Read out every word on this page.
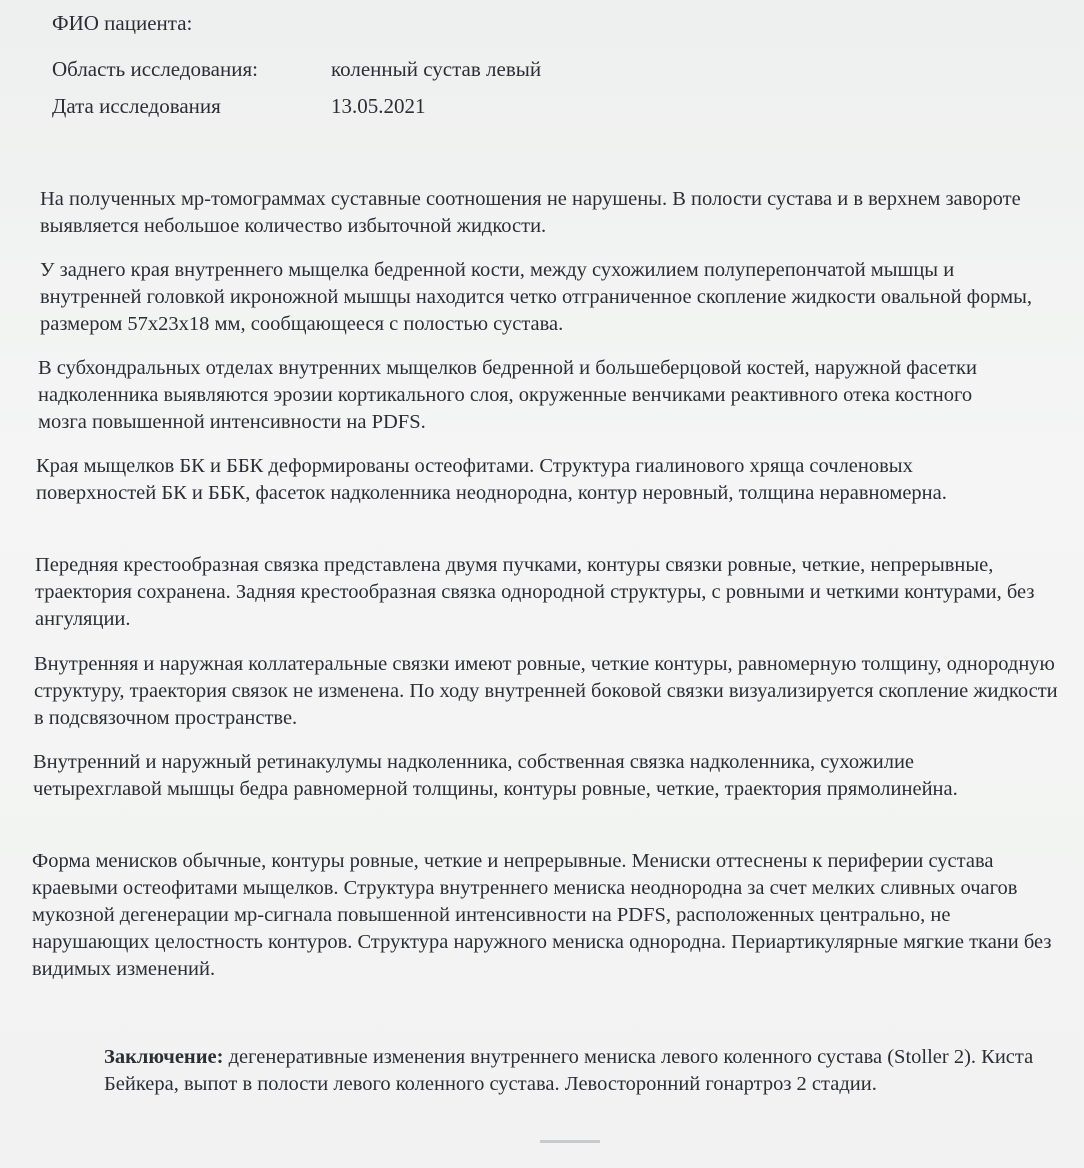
ФИО пациента:
Область исследования:	коленный сустав левый
Дата исследования	13.05.2021
На полученных мр-томограммах суставные соотношения не нарушены. В полости сустава и в верхнем завороте выявляется небольшое количество избыточной жидкости.
У заднего края внутреннего мыщелка бедренной кости, между сухожилием полуперепончатой мышцы и внутренней головкой икроножной мышцы находится четко отграниченное скопление жидкости овальной формы, размером 57х23х18 мм, сообщающееся с полостью сустава.
В субхондральных отделах внутренних мыщелков бедренной и большеберцовой костей, наружной фасетки надколенника выявляются эрозии кортикального слоя, окруженные венчиками реактивного отека костного мозга повышенной интенсивности на PDFS.
Края мыщелков БК и ББК деформированы остеофитами. Структура гиалинового хряща сочленовых поверхностей БК и ББК, фасеток надколенника неоднородна, контур неровный, толщина неравномерна.
Передняя крестообразная связка представлена двумя пучками, контуры связки ровные, четкие, непрерывные, траектория сохранена. Задняя крестообразная связка однородной структуры, с ровными и четкими контурами, без ангуляции.
Внутренняя и наружная коллатеральные связки имеют ровные, четкие контуры, равномерную толщину, однородную структуру, траектория связок не изменена. По ходу внутренней боковой связки визуализируется скопление жидкости в подсвязочном пространстве.
Внутренний и наружный ретинакулумы надколенника, собственная связка надколенника, сухожилие четырехглавой мышцы бедра равномерной толщины, контуры ровные, четкие, траектория прямолинейна.
Форма менисков обычные, контуры ровные, четкие и непрерывные. Мениски оттеснены к периферии сустава краевыми остеофитами мыщелков. Структура внутреннего мениска неоднородна за счет мелких сливных очагов мукозной дегенерации мр-сигнала повышенной интенсивности на PDFS, расположенных центрально, не нарушающих целостность контуров. Структура наружного мениска однородна. Периартикулярные мягкие ткани без видимых изменений.
Заключение: дегенеративные изменения внутреннего мениска левого коленного сустава (Stoller 2). Киста Бейкера, выпот в полости левого коленного сустава. Левосторонний гонартроз 2 стадии.
